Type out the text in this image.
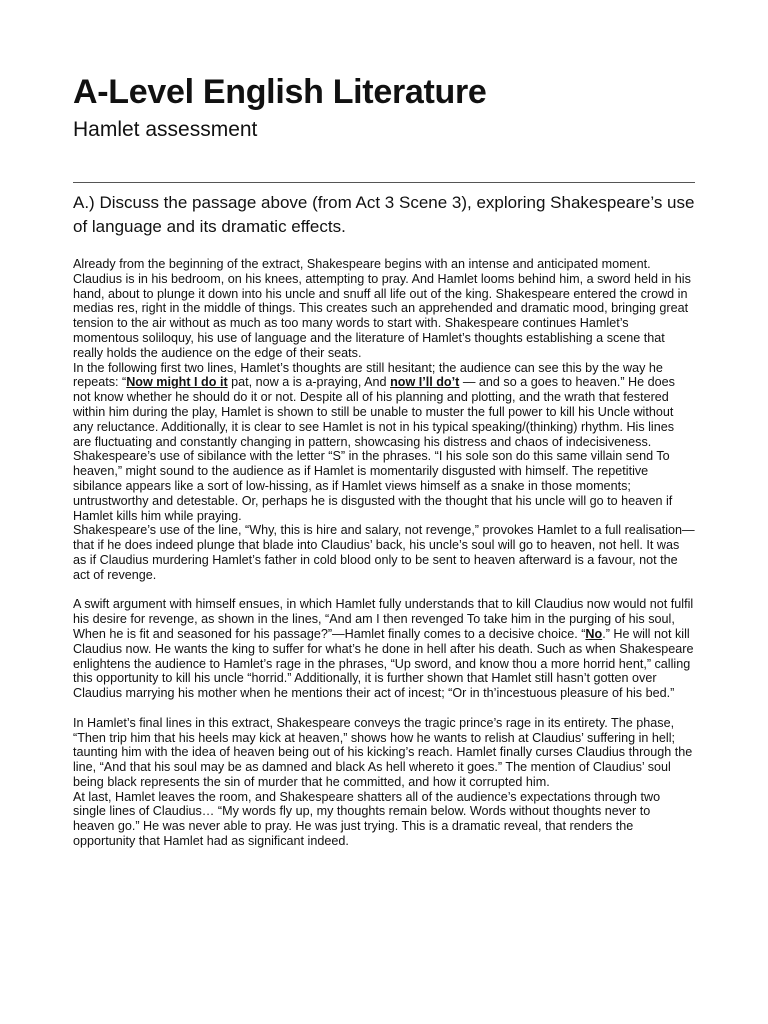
A-Level English Literature
Hamlet assessment

A.) Discuss the passage above (from Act 3 Scene 3), exploring Shakespeare’s use of language and its dramatic effects.

Already from the beginning of the extract, Shakespeare begins with an intense and anticipated moment. Claudius is in his bedroom, on his knees, attempting to pray. And Hamlet looms behind him, a sword held in his hand, about to plunge it down into his uncle and snuff all life out of the king. Shakespeare entered the crowd in medias res, right in the middle of things. This creates such an apprehended and dramatic mood, bringing great tension to the air without as much as too many words to start with. Shakespeare continues Hamlet’s momentous soliloquy, his use of language and the literature of Hamlet’s thoughts establishing a scene that really holds the audience on the edge of their seats.

In the following first two lines, Hamlet’s thoughts are still hesitant; the audience can see this by the way he repeats: “Now might I do it pat, now a is a-praying, And now I’ll do’t — and so a goes to heaven.” He does not know whether he should do it or not. Despite all of his planning and plotting, and the wrath that festered within him during the play, Hamlet is shown to still be unable to muster the full power to kill his Uncle without any reluctance. Additionally, it is clear to see Hamlet is not in his typical speaking/(thinking) rhythm. His lines are fluctuating and constantly changing in pattern, showcasing his distress and chaos of indecisiveness.

Shakespeare’s use of sibilance with the letter “S” in the phrases. “I his sole son do this same villain send To heaven,” might sound to the audience as if Hamlet is momentarily disgusted with himself. The repetitive sibilance appears like a sort of low-hissing, as if Hamlet views himself as a snake in those moments; untrustworthy and detestable. Or, perhaps he is disgusted with the thought that his uncle will go to heaven if Hamlet kills him while praying.

Shakespeare’s use of the line, “Why, this is hire and salary, not revenge,” provokes Hamlet to a full realisation—that if he does indeed plunge that blade into Claudius’ back, his uncle’s soul will go to heaven, not hell. It was as if Claudius murdering Hamlet’s father in cold blood only to be sent to heaven afterward is a favour, not the act of revenge.

A swift argument with himself ensues, in which Hamlet fully understands that to kill Claudius now would not fulfil his desire for revenge, as shown in the lines, “And am I then revenged To take him in the purging of his soul, When he is fit and seasoned for his passage?”—Hamlet finally comes to a decisive choice. “No.” He will not kill Claudius now. He wants the king to suffer for what’s he done in hell after his death. Such as when Shakespeare enlightens the audience to Hamlet’s rage in the phrases, “Up sword, and know thou a more horrid hent,” calling this opportunity to kill his uncle “horrid.” Additionally, it is further shown that Hamlet still hasn’t gotten over Claudius marrying his mother when he mentions their act of incest; “Or in th’incestuous pleasure of his bed.”

In Hamlet’s final lines in this extract, Shakespeare conveys the tragic prince’s rage in its entirety. The phase, “Then trip him that his heels may kick at heaven,” shows how he wants to relish at Claudius’ suffering in hell; taunting him with the idea of heaven being out of his kicking’s reach. Hamlet finally curses Claudius through the line, “And that his soul may be as damned and black As hell whereto it goes.” The mention of Claudius’ soul being black represents the sin of murder that he committed, and how it corrupted him.

At last, Hamlet leaves the room, and Shakespeare shatters all of the audience’s expectations through two single lines of Claudius… “My words fly up, my thoughts remain below. Words without thoughts never to heaven go.” He was never able to pray. He was just trying. This is a dramatic reveal, that renders the opportunity that Hamlet had as significant indeed.
